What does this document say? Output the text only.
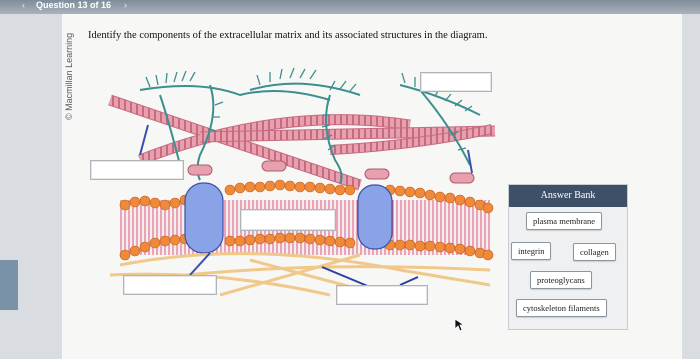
‹ Question 13 of 16 ›
© Macmillan Learning Identify the components of the extracellular matrix and its associated structures in the diagram.
Answer Bank
plasma membrane
integrin	collagen
proteoglycans
cytoskeleton filaments
